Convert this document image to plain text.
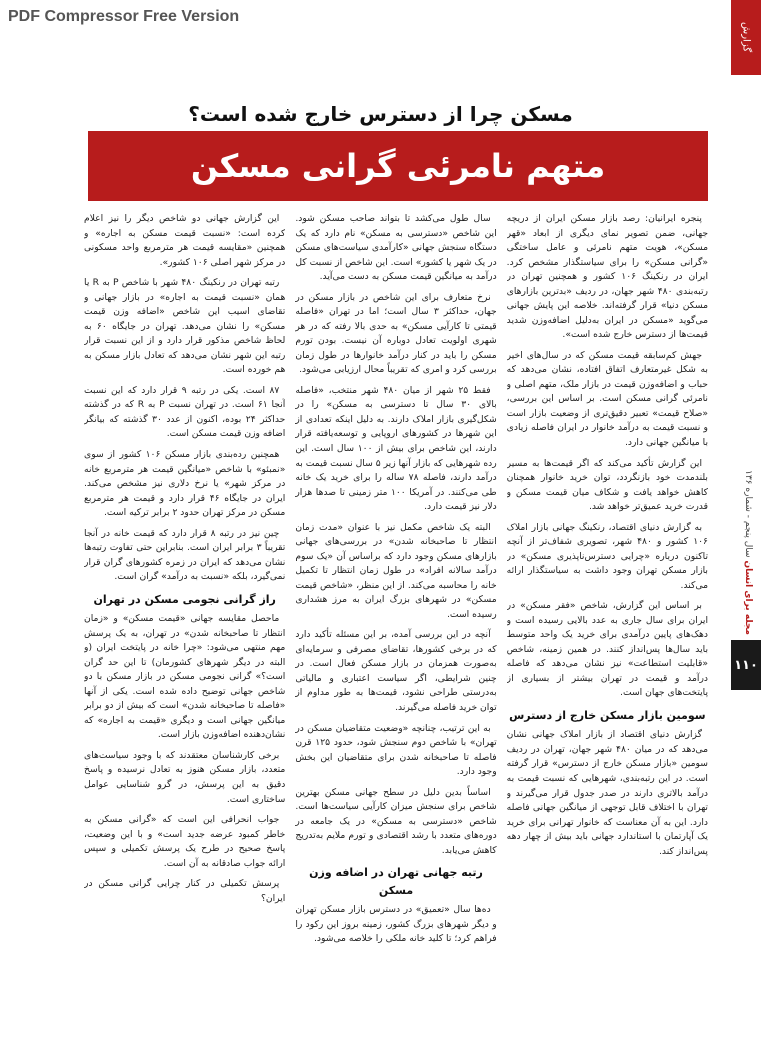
PDF Compressor Free Version
گزارش
مجله برای انسان سال پنجم - شماره ۱۳۶
۱۱۰
مسکن چرا از دسترس خارج شده است؟
متهم نامرئی گرانی مسکن

پنجره ایرانیان: رصد بازار مسکن ایران از دریچه جهانی، ضمن تصویر نمای دیگری از ابعاد «قهر مسکن»، هویت متهم نامرئی و عامل ساختگی «گرانی مسکن» را برای سیاستگذار مشخص کرد. ایران در رنکینگ ۱۰۶ کشور و همچنین تهران در رتبه‌بندی ۴۸۰ شهر جهان، در ردیف «بدترین بازارهای مسکن دنیا» قرار گرفته‌اند. خلاصه این پایش جهانی می‌گوید «مسکن در ایران به‌دلیل اضافه‌وزن شدید قیمت‌ها از دسترس خارج شده است».

جهش کم‌سابقه قیمت مسکن که در سال‌های اخیر به شکل غیرمتعارف اتفاق افتاده، نشان می‌دهد که حباب و اضافه‌وزن قیمت در بازار ملک، متهم اصلی و نامرئی گرانی مسکن است. بر اساس این بررسی، «صلاح قیمت» تعبیر دقیق‌تری از وضعیت بازار است و نسبت قیمت به درآمد خانوار در ایران فاصله زیادی با میانگین جهانی دارد.

این گزارش تأکید می‌کند که اگر قیمت‌ها به مسیر بلندمدت خود بازنگردد، توان خرید خانوار همچنان کاهش خواهد یافت و شکاف میان قیمت مسکن و قدرت خرید عمیق‌تر خواهد شد.

به گزارش دنیای اقتصاد، رنکینگ جهانی بازار املاک ۱۰۶ کشور و ۴۸۰ شهر، تصویری شفاف‌تر از آنچه تاکنون درباره «چرایی دسترس‌ناپذیری مسکن» در بازار مسکن تهران وجود داشت به سیاستگذار ارائه می‌کند.

بر اساس این گزارش، شاخص «فقر مسکن» در ایران برای سال جاری به عدد بالایی رسیده است و دهک‌های پایین درآمدی برای خرید یک واحد متوسط باید سال‌ها پس‌انداز کنند. در همین زمینه، شاخص «قابلیت استطاعت» نیز نشان می‌دهد که فاصله درآمد و قیمت در تهران بیشتر از بسیاری از پایتخت‌های جهان است.

سومین بازار مسکن خارج از دسترس

گزارش دنیای اقتصاد از بازار املاک جهانی نشان می‌دهد که در میان ۴۸۰ شهر جهان، تهران در ردیف سومین «بازار مسکن خارج از دسترس» قرار گرفته است. در این رتبه‌بندی، شهرهایی که نسبت قیمت به درآمد بالاتری دارند در صدر جدول قرار می‌گیرند و تهران با اختلاف قابل توجهی از میانگین جهانی فاصله دارد. این به آن معناست که خانوار تهرانی برای خرید یک آپارتمان با استاندارد جهانی باید بیش از چهار دهه پس‌انداز کند.

سال طول می‌کشد تا بتواند صاحب مسکن شود. این شاخص «دسترسی به مسکن» نام دارد که یک دستگاه سنجش جهانی «کارآمدی سیاست‌های مسکن در یک شهر یا کشور» است. این شاخص از نسبت کل درآمد به میانگین قیمت مسکن به دست می‌آید.

نرخ متعارف برای این شاخص در بازار مسکن در جهان، حداکثر ۳ سال است؛ اما در تهران «فاصله قیمتی تا کارآیی مسکن» به حدی بالا رفته که در هر شهری اولویت تعادل دوباره آن نیست. بودن تورم مسکن را باید در کنار درآمد خانوارها در طول زمان بررسی کرد و امری که تقریباً محال ارزیابی می‌شود.

فقط ۲۵ شهر از میان ۴۸۰ شهر منتخب، «فاصله بالای ۳۰ سال تا دسترسی به مسکن» را در شکل‌گیری بازار املاک دارند. به دلیل اینکه تعدادی از این شهرها در کشورهای اروپایی و توسعه‌یافته قرار دارند، این شاخص برای بیش از ۱۰۰ سال است. این رده شهرهایی که بازار آنها زیر ۵ سال نسبت قیمت به درآمد دارند، فاصله ۷۸ ساله را برای خرید یک خانه طی می‌کنند. در آمریکا ۱۰۰ متر زمینی تا صدها هزار دلار نیز قیمت دارد.

البته یک شاخص مکمل نیز با عنوان «مدت زمان انتظار تا صاحبخانه شدن» در بررسی‌های جهانی بازارهای مسکن وجود دارد که براساس آن «یک سوم درآمد سالانه افراد» در طول زمان انتظار تا تکمیل خانه را محاسبه می‌کند. از این منظر، «شاخص قیمت مسکن» در شهرهای بزرگ ایران به مرز هشداری رسیده است.

آنچه در این بررسی آمده، بر این مسئله تأکید دارد که در برخی کشورها، تقاضای مصرفی و سرمایه‌ای به‌صورت همزمان در بازار مسکن فعال است. در چنین شرایطی، اگر سیاست اعتباری و مالیاتی به‌درستی طراحی نشود، قیمت‌ها به طور مداوم از توان خرید فاصله می‌گیرند.

به این ترتیب، چنانچه «وضعیت متقاضیان مسکن در تهران» با شاخص دوم سنجش شود، حدود ۱۲۵ قرن فاصله تا صاحبخانه شدن برای متقاضیان این بخش وجود دارد.

اساساً بدین دلیل در سطح جهانی مسکن بهترین شاخص برای سنجش میزان کارآیی سیاست‌ها است. شاخص «دسترسی به مسکن» در یک جامعه در دوره‌های متعدد با رشد اقتصادی و تورم ملایم به‌تدریج کاهش می‌یابد.

رتبه جهانی تهران در اضافه وزن مسکن

ده‌ها سال «تعمیق» در دسترس بازار مسکن تهران و دیگر شهرهای بزرگ کشور، زمینه بروز این رکود را فراهم کرد؛ تا کلید خانه ملکی را خلاصه می‌شود.

این گزارش جهانی دو شاخص دیگر را نیز اعلام کرده است: «نسبت قیمت مسکن به اجاره» و همچنین «مقایسه قیمت هر مترمربع واحد مسکونی در مرکز شهر اصلی ۱۰۶ کشور».

رتبه تهران در رنکینگ ۴۸۰ شهر با شاخص P به R یا همان «نسبت قیمت به اجاره» در بازار جهانی و تقاضای اسیب این شاخص «اضافه وزن قیمت مسکن» را نشان می‌دهد. تهران در جایگاه ۶۰ به لحاظ شاخص مذکور قرار دارد و از این نسبت قرار رتبه این شهر نشان می‌دهد که تعادل بازار مسکن به هم خورده است.

۸۷ است. یکی در رتبه ۹ قرار دارد که این نسبت آنجا ۶۱ است. در تهران نسبت P به R که در گذشته حداکثر ۲۴ بوده، اکنون از عدد ۳۰ گذشته که بیانگر اضافه وزن قیمت مسکن است.

همچنین رده‌بندی بازار مسکن ۱۰۶ کشور از سوی «نمبئو» با شاخص «میانگین قیمت هر مترمربع خانه در مرکز شهر» یا نرخ دلاری نیز مشخص می‌کند. ایران در جایگاه ۴۶ قرار دارد و قیمت هر مترمربع مسکن در مرکز تهران حدود ۲ برابر ترکیه است.

چین نیز در رتبه ۸ قرار دارد که قیمت خانه در آنجا تقریباً ۳ برابر ایران است. بنابراین حتی تفاوت رتبه‌ها نشان می‌دهد که ایران در زمره کشورهای گران قرار نمی‌گیرد، بلکه «نسبت به درآمد» گران است.

راز گرانی نجومی مسکن در تهران

ماحصل مقایسه جهانی «قیمت مسکن» و «زمان انتظار تا صاحبخانه شدن» در تهران، به یک پرسش مهم منتهی می‌شود: «چرا خانه در پایتخت ایران (و البته در دیگر شهرهای کشورمان) تا این حد گران است؟» گرانی نجومی مسکن در بازار مسکن با دو شاخص جهانی توضیح داده شده است. یکی از آنها «فاصله تا صاحبخانه شدن» است که بیش از دو برابر میانگین جهانی است و دیگری «قیمت به اجاره» که نشان‌دهنده اضافه‌وزن بازار است.

برخی کارشناسان معتقدند که با وجود سیاست‌های متعدد، بازار مسکن هنوز به تعادل نرسیده و پاسخ دقیق به این پرسش، در گرو شناسایی عوامل ساختاری است.

جواب انحرافی این است که «گرانی مسکن به خاطر کمبود عرضه جدید است» و با این وضعیت، پاسخ صحیح در طرح یک پرسش تکمیلی و سپس ارائه جواب صادقانه به آن است.

پرسش تکمیلی در کنار چرایی گرانی مسکن در ایران؟
